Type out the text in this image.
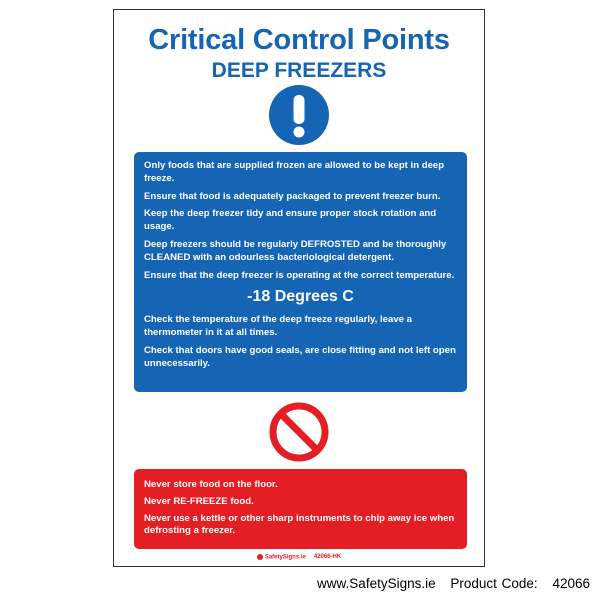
Critical Control Points
DEEP FREEZERS

Only foods that are supplied frozen are allowed to be kept in deep freeze.

Ensure that food is adequately packaged to prevent freezer burn.

Keep the deep freezer tidy and ensure proper stock rotation and usage.

Deep freezers should be regularly DEFROSTED and be thoroughly CLEANED with an odourless bacteriological detergent.

Ensure that the deep freezer is operating at the correct temperature.

-18 Degrees C

Check the temperature of the deep freeze regularly, leave a thermometer in it at all times.

Check that doors have good seals, are close fitting and not left open unnecessarily.

Never store food on the floor.

Never RE-FREEZE food.

Never use a kettle or other sharp instruments to chip away ice when defrosting a freezer.

SafetySigns.ie 42066-HK
www.SafetySigns.ie Product Code: 42066
